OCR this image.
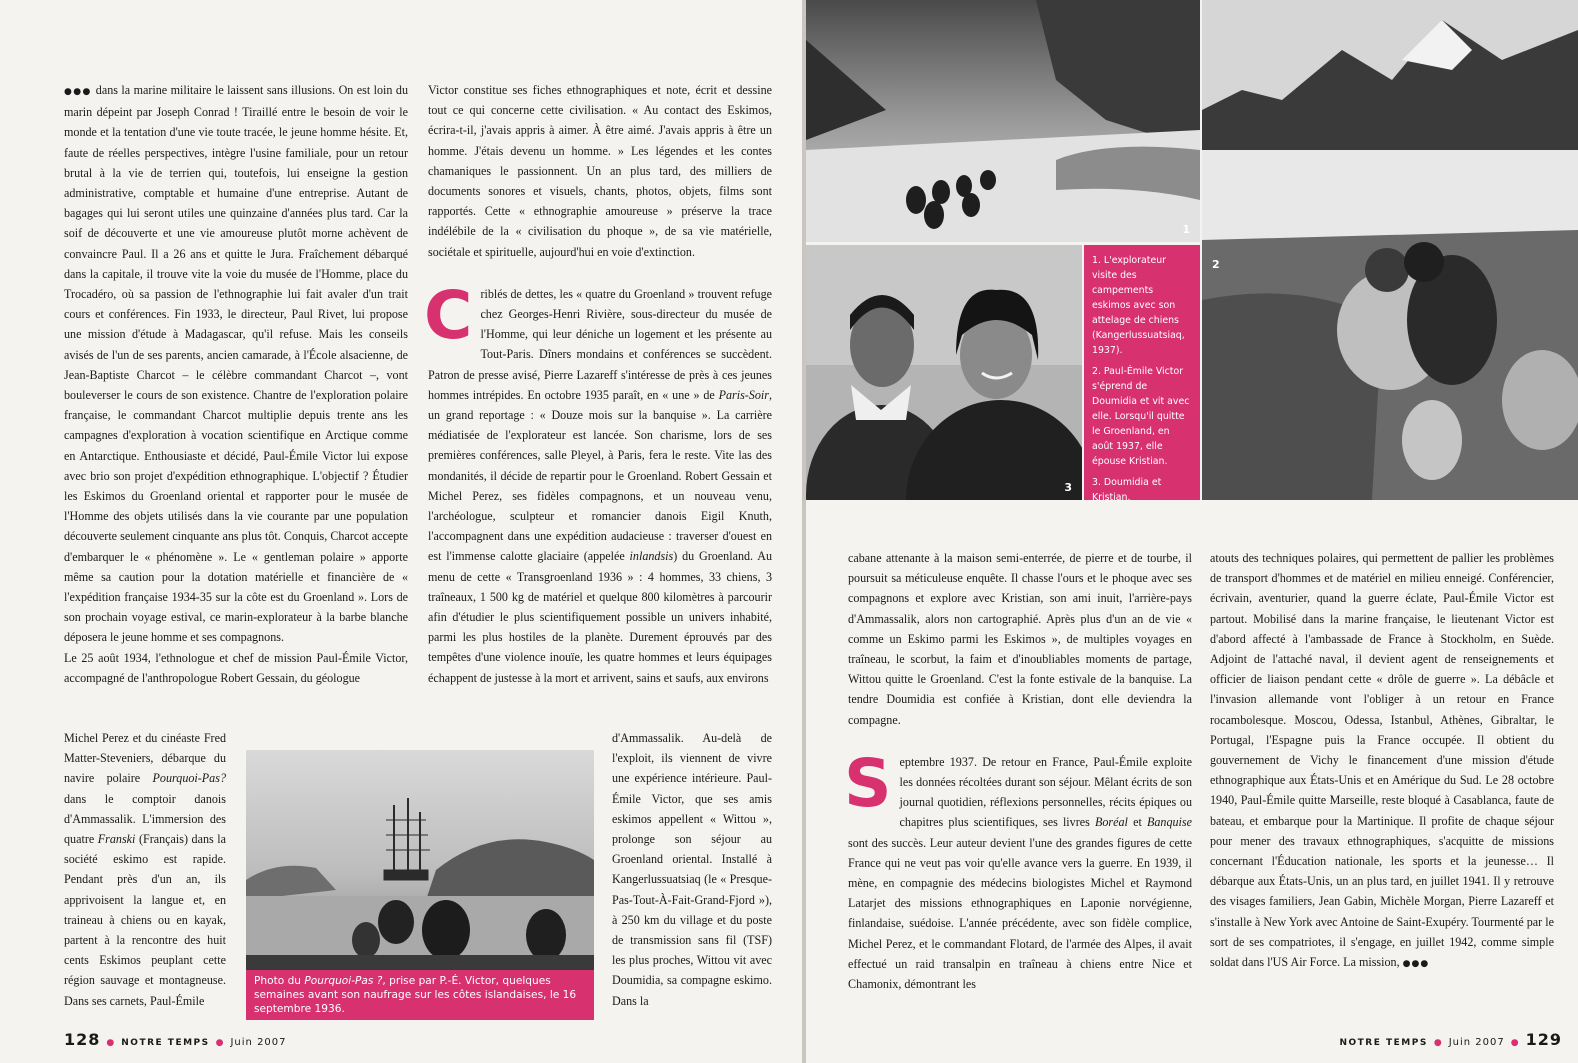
●●● dans la marine militaire le laissent sans illusions. On est loin du marin dépeint par Joseph Conrad ! Tiraillé entre le besoin de voir le monde et la tentation d'une vie toute tracée, le jeune homme hésite. Et, faute de réelles perspectives, intègre l'usine familiale, pour un retour brutal à la vie de terrien qui, toutefois, lui enseigne la gestion administrative, comptable et humaine d'une entreprise. Autant de bagages qui lui seront utiles une quinzaine d'années plus tard. Car la soif de découverte et une vie amoureuse plutôt morne achèvent de convaincre Paul. Il a 26 ans et quitte le Jura. Fraîchement débarqué dans la capitale, il trouve vite la voie du musée de l'Homme, place du Trocadéro, où sa passion de l'ethnographie lui fait avaler d'un trait cours et conférences. Fin 1933, le directeur, Paul Rivet, lui propose une mission d'étude à Madagascar, qu'il refuse. Mais les conseils avisés de l'un de ses parents, ancien camarade, à l'École alsacienne, de Jean-Baptiste Charcot – le célèbre commandant Charcot –, vont bouleverser le cours de son existence. Chantre de l'exploration polaire française, le commandant Charcot multiplie depuis trente ans les campagnes d'exploration à vocation scientifique en Arctique comme en Antarctique. Enthousiaste et décidé, Paul-Émile Victor lui expose avec brio son projet d'expédition ethnographique. L'objectif ? Étudier les Eskimos du Groenland oriental et rapporter pour le musée de l'Homme des objets utilisés dans la vie courante par une population découverte seulement cinquante ans plus tôt. Conquis, Charcot accepte d'embarquer le « phénomène ». Le « gentleman polaire » apporte même sa caution pour la dotation matérielle et financière de « l'expédition française 1934-35 sur la côte est du Groenland ». Lors de son prochain voyage estival, ce marin-explorateur à la barbe blanche déposera le jeune homme et ses compagnons.

Le 25 août 1934, l'ethnologue et chef de mission Paul-Émile Victor, accompagné de l'anthropologue Robert Gessain, du géologue

Michel Perez et du cinéaste Fred Matter-Steveniers, débarque du navire polaire Pourquoi-Pas? dans le comptoir danois d'Ammassalik. L'immersion des quatre Franski (Français) dans la société eskimo est rapide. Pendant près d'un an, ils apprivoisent la langue et, en traineau à chiens ou en kayak, partent à la rencontre des huit cents Eskimos peuplant cette région sauvage et montagneuse. Dans ses carnets, Paul-Émile

Victor constitue ses fiches ethnographiques et note, écrit et dessine tout ce qui concerne cette civilisation. « Au contact des Eskimos, écrira-t-il, j'avais appris à aimer. À être aimé. J'avais appris à être un homme. J'étais devenu un homme. » Les légendes et les contes chamaniques le passionnent. Un an plus tard, des milliers de documents sonores et visuels, chants, photos, objets, films sont rapportés. Cette « ethnographie amoureuse » préserve la trace indélébile de la « civilisation du phoque », de sa vie matérielle, sociétale et spirituelle, aujourd'hui en voie d'extinction.

Criblés de dettes, les « quatre du Groenland » trouvent refuge chez Georges-Henri Rivière, sous-directeur du musée de l'Homme, qui leur déniche un logement et les présente au Tout-Paris. Dîners mondains et conférences se succèdent. Patron de presse avisé, Pierre Lazareff s'intéresse de près à ces jeunes hommes intrépides. En octobre 1935 paraît, en « une » de Paris-Soir, un grand reportage : « Douze mois sur la banquise ». La carrière médiatisée de l'explorateur est lancée. Son charisme, lors de ses premières conférences, salle Pleyel, à Paris, fera le reste. Vite las des mondanités, il décide de repartir pour le Groenland. Robert Gessain et Michel Perez, ses fidèles compagnons, et un nouveau venu, l'archéologue, sculpteur et romancier danois Eigil Knuth, l'accompagnent dans une expédition audacieuse : traverser d'ouest en est l'immense calotte glaciaire (appelée inlandsis) du Groenland. Au menu de cette « Transgroenland 1936 » : 4 hommes, 33 chiens, 3 traîneaux, 1 500 kg de matériel et quelque 800 kilomètres à parcourir afin d'étudier le plus scientifiquement possible un univers inhabité, parmi les plus hostiles de la planète. Durement éprouvés par des tempêtes d'une violence inouïe, les quatre hommes et leurs équipages échappent de justesse à la mort et arrivent, sains et saufs, aux environs

d'Ammassalik. Au-delà de l'exploit, ils viennent de vivre une expérience intérieure. Paul-Émile Victor, que ses amis eskimos appellent « Wittou », prolonge son séjour au Groenland oriental. Installé à Kangerlussuatsiaq (le « Presque-Pas-Tout-À-Fait-Grand-Fjord »), à 250 km du village et du poste de transmission sans fil (TSF) les plus proches, Wittou vit avec Doumidia, sa compagne eskimo. Dans la

Photo du Pourquoi-Pas ?, prise par P.-É. Victor, quelques semaines avant son naufrage sur les côtes islandaises, le 16 septembre 1936.
128 ● NOTRE TEMPS ● Juin 2007
1
2
3

1. L'explorateur visite des campements eskimos avec son attelage de chiens (Kangerlussuatsiaq, 1937).

2. Paul-Émile Victor s'éprend de Doumidia et vit avec elle. Lorsqu'il quitte le Groenland, en août 1937, elle épouse Kristian.

3. Doumidia et Kristian.

cabane attenante à la maison semi-enterrée, de pierre et de tourbe, il poursuit sa méticuleuse enquête. Il chasse l'ours et le phoque avec ses compagnons et explore avec Kristian, son ami inuit, l'arrière-pays d'Ammassalik, alors non cartographié. Après plus d'un an de vie « comme un Eskimo parmi les Eskimos », de multiples voyages en traîneau, le scorbut, la faim et d'inoubliables moments de partage, Wittou quitte le Groenland. C'est la fonte estivale de la banquise. La tendre Doumidia est confiée à Kristian, dont elle deviendra la compagne.

Septembre 1937. De retour en France, Paul-Émile exploite les données récoltées durant son séjour. Mêlant écrits de son journal quotidien, réflexions personnelles, récits épiques ou chapitres plus scientifiques, ses livres Boréal et Banquise sont des succès. Leur auteur devient l'une des grandes figures de cette France qui ne veut pas voir qu'elle avance vers la guerre. En 1939, il mène, en compagnie des médecins biologistes Michel et Raymond Latarjet des missions ethnographiques en Laponie norvégienne, finlandaise, suédoise. L'année précédente, avec son fidèle complice, Michel Perez, et le commandant Flotard, de l'armée des Alpes, il avait effectué un raid transalpin en traîneau à chiens entre Nice et Chamonix, démontrant les

atouts des techniques polaires, qui permettent de pallier les problèmes de transport d'hommes et de matériel en milieu enneigé. Conférencier, écrivain, aventurier, quand la guerre éclate, Paul-Émile Victor est partout. Mobilisé dans la marine française, le lieutenant Victor est d'abord affecté à l'ambassade de France à Stockholm, en Suède. Adjoint de l'attaché naval, il devient agent de renseignements et officier de liaison pendant cette « drôle de guerre ». La débâcle et l'invasion allemande vont l'obliger à un retour en France rocambolesque. Moscou, Odessa, Istanbul, Athènes, Gibraltar, le Portugal, l'Espagne puis la France occupée. Il obtient du gouvernement de Vichy le financement d'une mission d'étude ethnographique aux États-Unis et en Amérique du Sud. Le 28 octobre 1940, Paul-Émile quitte Marseille, reste bloqué à Casablanca, faute de bateau, et embarque pour la Martinique. Il profite de chaque séjour pour mener des travaux ethnographiques, s'acquitte de missions concernant l'Éducation nationale, les sports et la jeunesse… Il débarque aux États-Unis, un an plus tard, en juillet 1941. Il y retrouve des visages familiers, Jean Gabin, Michèle Morgan, Pierre Lazareff et s'installe à New York avec Antoine de Saint-Exupéry. Tourmenté par le sort de ses compatriotes, il s'engage, en juillet 1942, comme simple soldat dans l'US Air Force. La mission, ●●●

NOTRE TEMPS ● Juin 2007 ● 129
